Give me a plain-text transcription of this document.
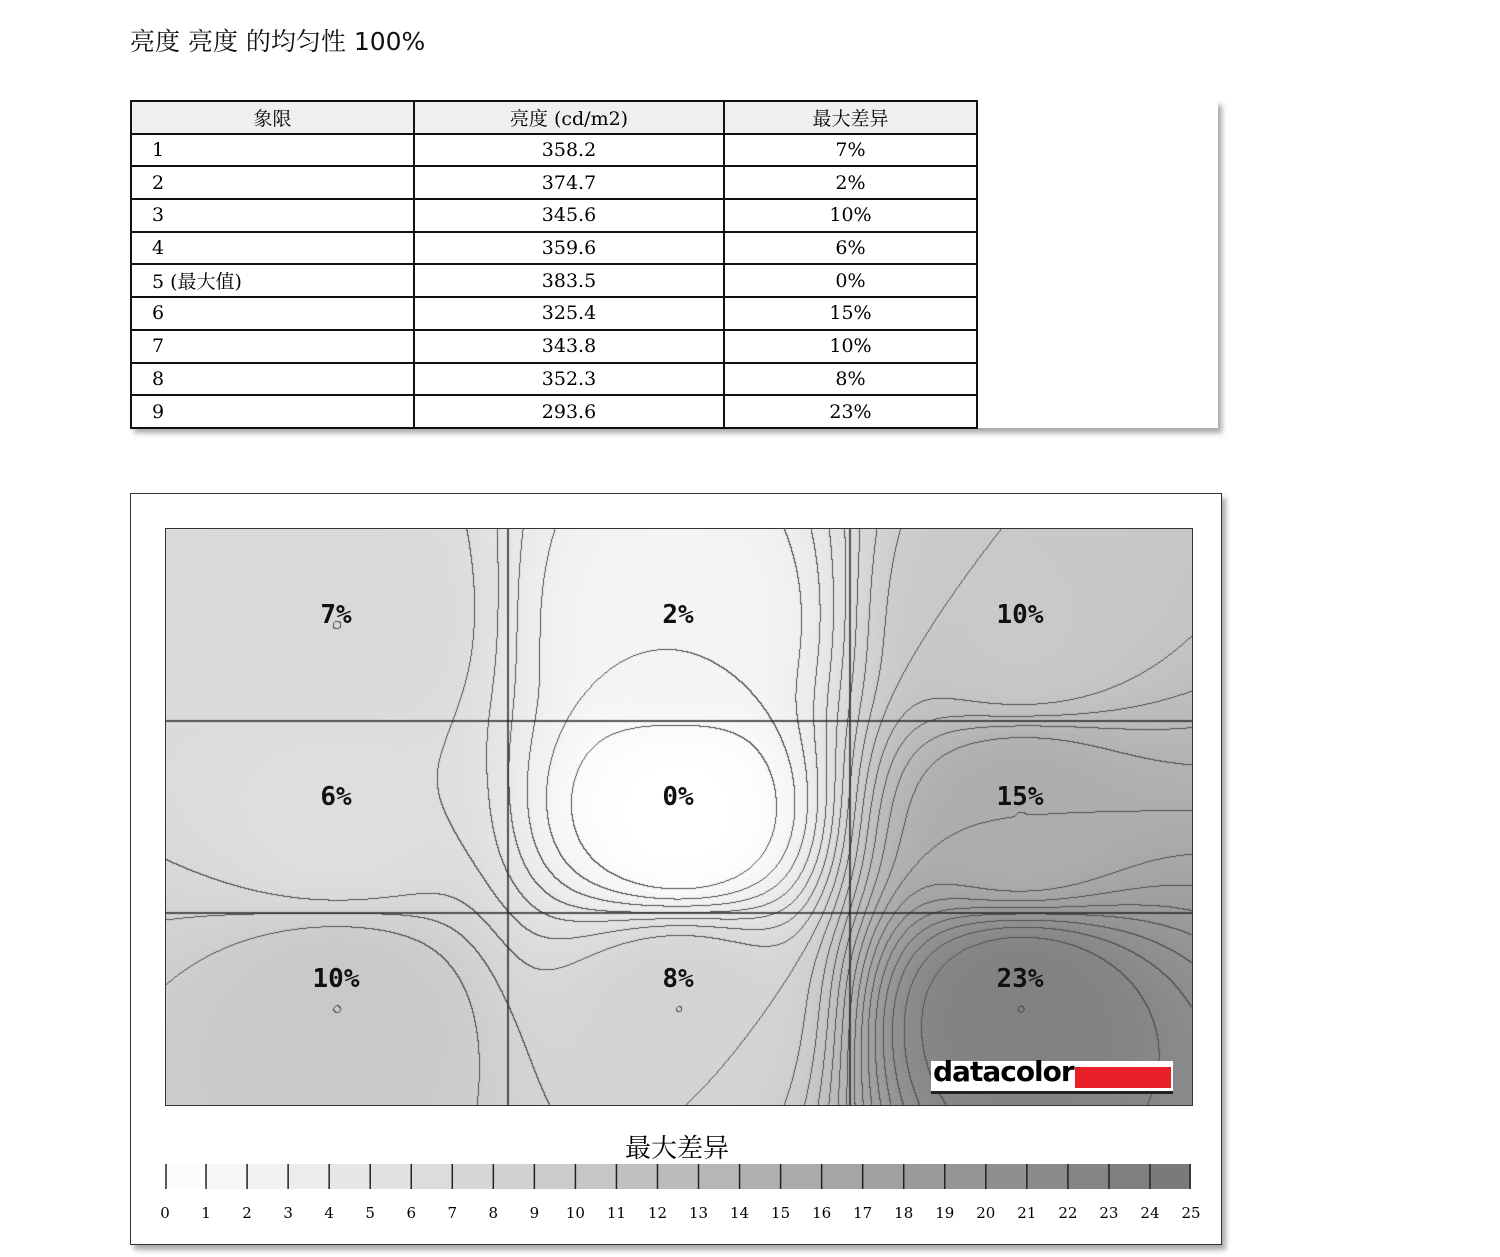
亮度 亮度 的均匀性 100%
象限	亮度 (cd/m2)	最大差异
1	358.2	7%
2	374.7	2%
3	345.6	10%
4	359.6	6%
5 (最大值)	383.5	0%
6	325.4	15%
7	343.8	10%
8	352.3	8%
9	293.6	23%
7%	2%	10%
6%	0%	15%
10%	8%	23%
datacolor
最大差异
0 1 2 3 4 5 6 7 8 9 10 11 12 13 14 15 16 17 18 19 20 21 22 23 24 25
